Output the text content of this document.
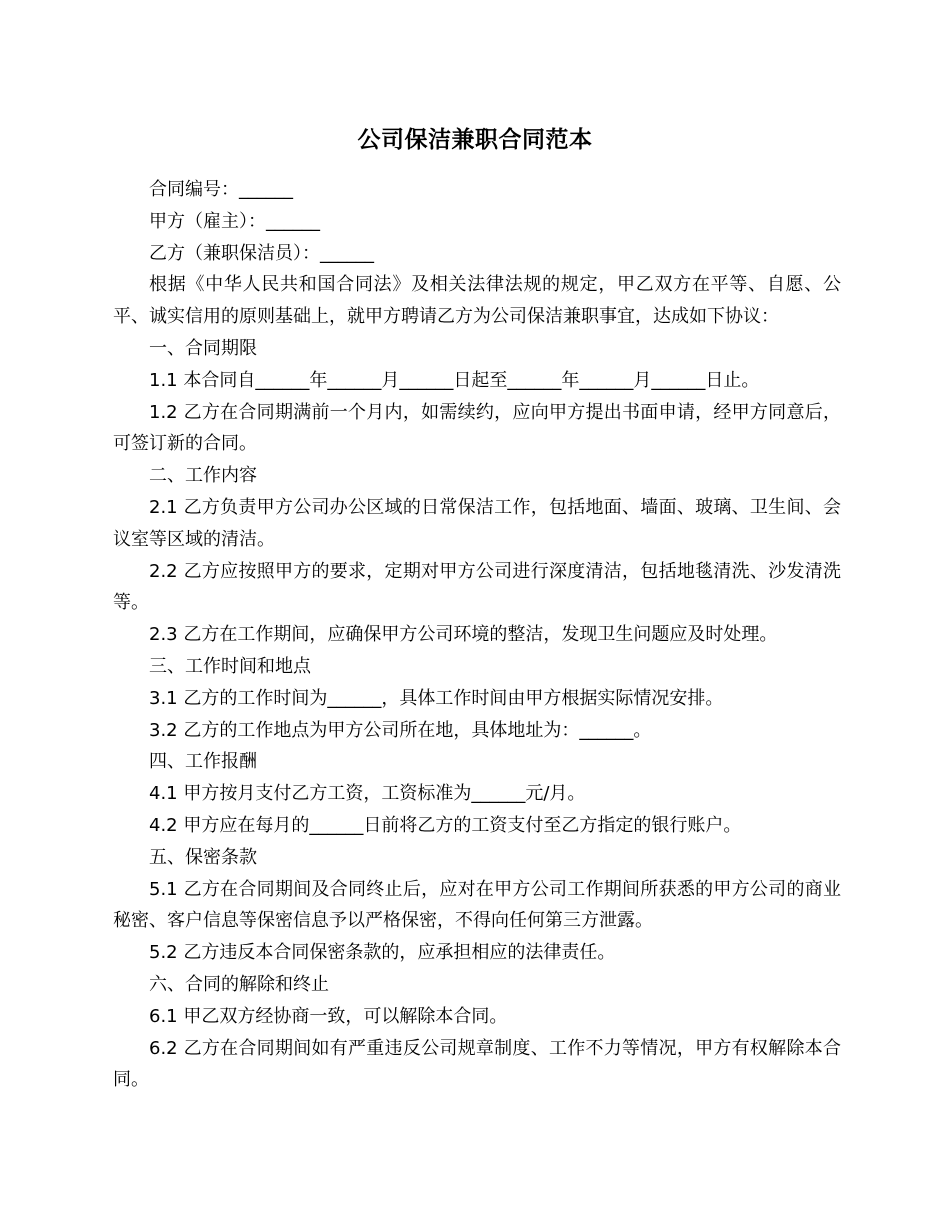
公司保洁兼职合同范本

合同编号：______

甲方（雇主）：______

乙方（兼职保洁员）：______

根据《中华人民共和国合同法》及相关法律法规的规定，甲乙双方在平等、自愿、公平、诚实信用的原则基础上，就甲方聘请乙方为公司保洁兼职事宜，达成如下协议：

一、合同期限

1.1 本合同自______年______月______日起至______年______月______日止。

1.2 乙方在合同期满前一个月内，如需续约，应向甲方提出书面申请，经甲方同意后，可签订新的合同。

二、工作内容

2.1 乙方负责甲方公司办公区域的日常保洁工作，包括地面、墙面、玻璃、卫生间、会议室等区域的清洁。

2.2 乙方应按照甲方的要求，定期对甲方公司进行深度清洁，包括地毯清洗、沙发清洗等。

2.3 乙方在工作期间，应确保甲方公司环境的整洁，发现卫生问题应及时处理。

三、工作时间和地点

3.1 乙方的工作时间为______，具体工作时间由甲方根据实际情况安排。

3.2 乙方的工作地点为甲方公司所在地，具体地址为：______。

四、工作报酬

4.1 甲方按月支付乙方工资，工资标准为______元/月。

4.2 甲方应在每月的______日前将乙方的工资支付至乙方指定的银行账户。

五、保密条款

5.1 乙方在合同期间及合同终止后，应对在甲方公司工作期间所获悉的甲方公司的商业秘密、客户信息等保密信息予以严格保密，不得向任何第三方泄露。

5.2 乙方违反本合同保密条款的，应承担相应的法律责任。

六、合同的解除和终止

6.1 甲乙双方经协商一致，可以解除本合同。

6.2 乙方在合同期间如有严重违反公司规章制度、工作不力等情况，甲方有权解除本合同。
